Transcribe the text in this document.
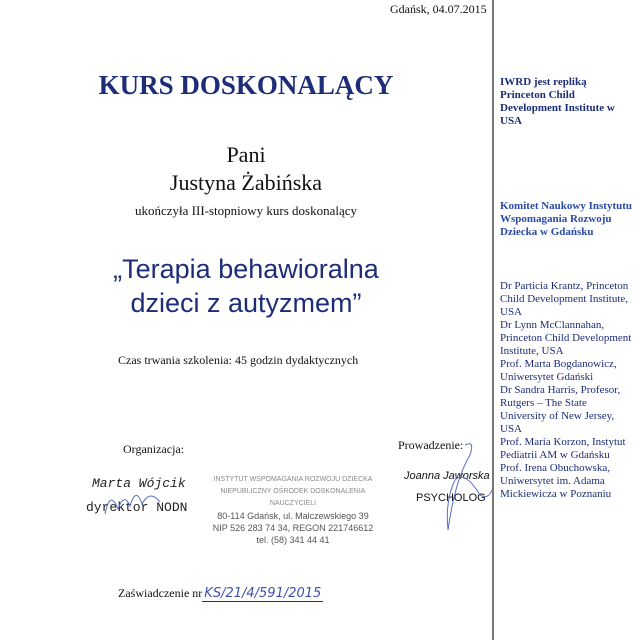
Gdańsk, 04.07.2015
KURS DOSKONALĄCY
Pani
Justyna Żabińska
ukończyła III-stopniowy kurs doskonalący
„Terapia behawioralna
dzieci z autyzmem”
Czas trwania szkolenia: 45 godzin dydaktycznych
Organizacja:	Prowadzenie:
Marta Wójcik
dyrektor NODN
INSTYTUT WSPOMAGANIA ROZWOJU DZIECKA
NIEPUBLICZNY OŚRODEK DOSKONALENIA NAUCZYCIELI
80-114 Gdańsk, ul. Malczewskiego 39
NIP 526 283 74 34, REGON 221746612
tel. (58) 341 44 41
Joanna Jaworska
PSYCHOLOG
Zaświadczenie nr KS/21/4/591/2015
IWRD jest repliką Princeton Child Development Institute w USA
Komitet Naukowy Instytutu Wspomagania Rozwoju Dziecka w Gdańsku
Dr Particia Krantz, Princeton Child Development Institute, USA
Dr Lynn McClannahan, Princeton Child Development Institute, USA
Prof. Marta Bogdanowicz, Uniwersytet Gdański
Dr Sandra Harris, Profesor, Rutgers – The State University of New Jersey, USA
Prof. Maria Korzon, Instytut Pediatrii AM w Gdańsku
Prof. Irena Obuchowska, Uniwersytet im. Adama Mickiewicza w Poznaniu
